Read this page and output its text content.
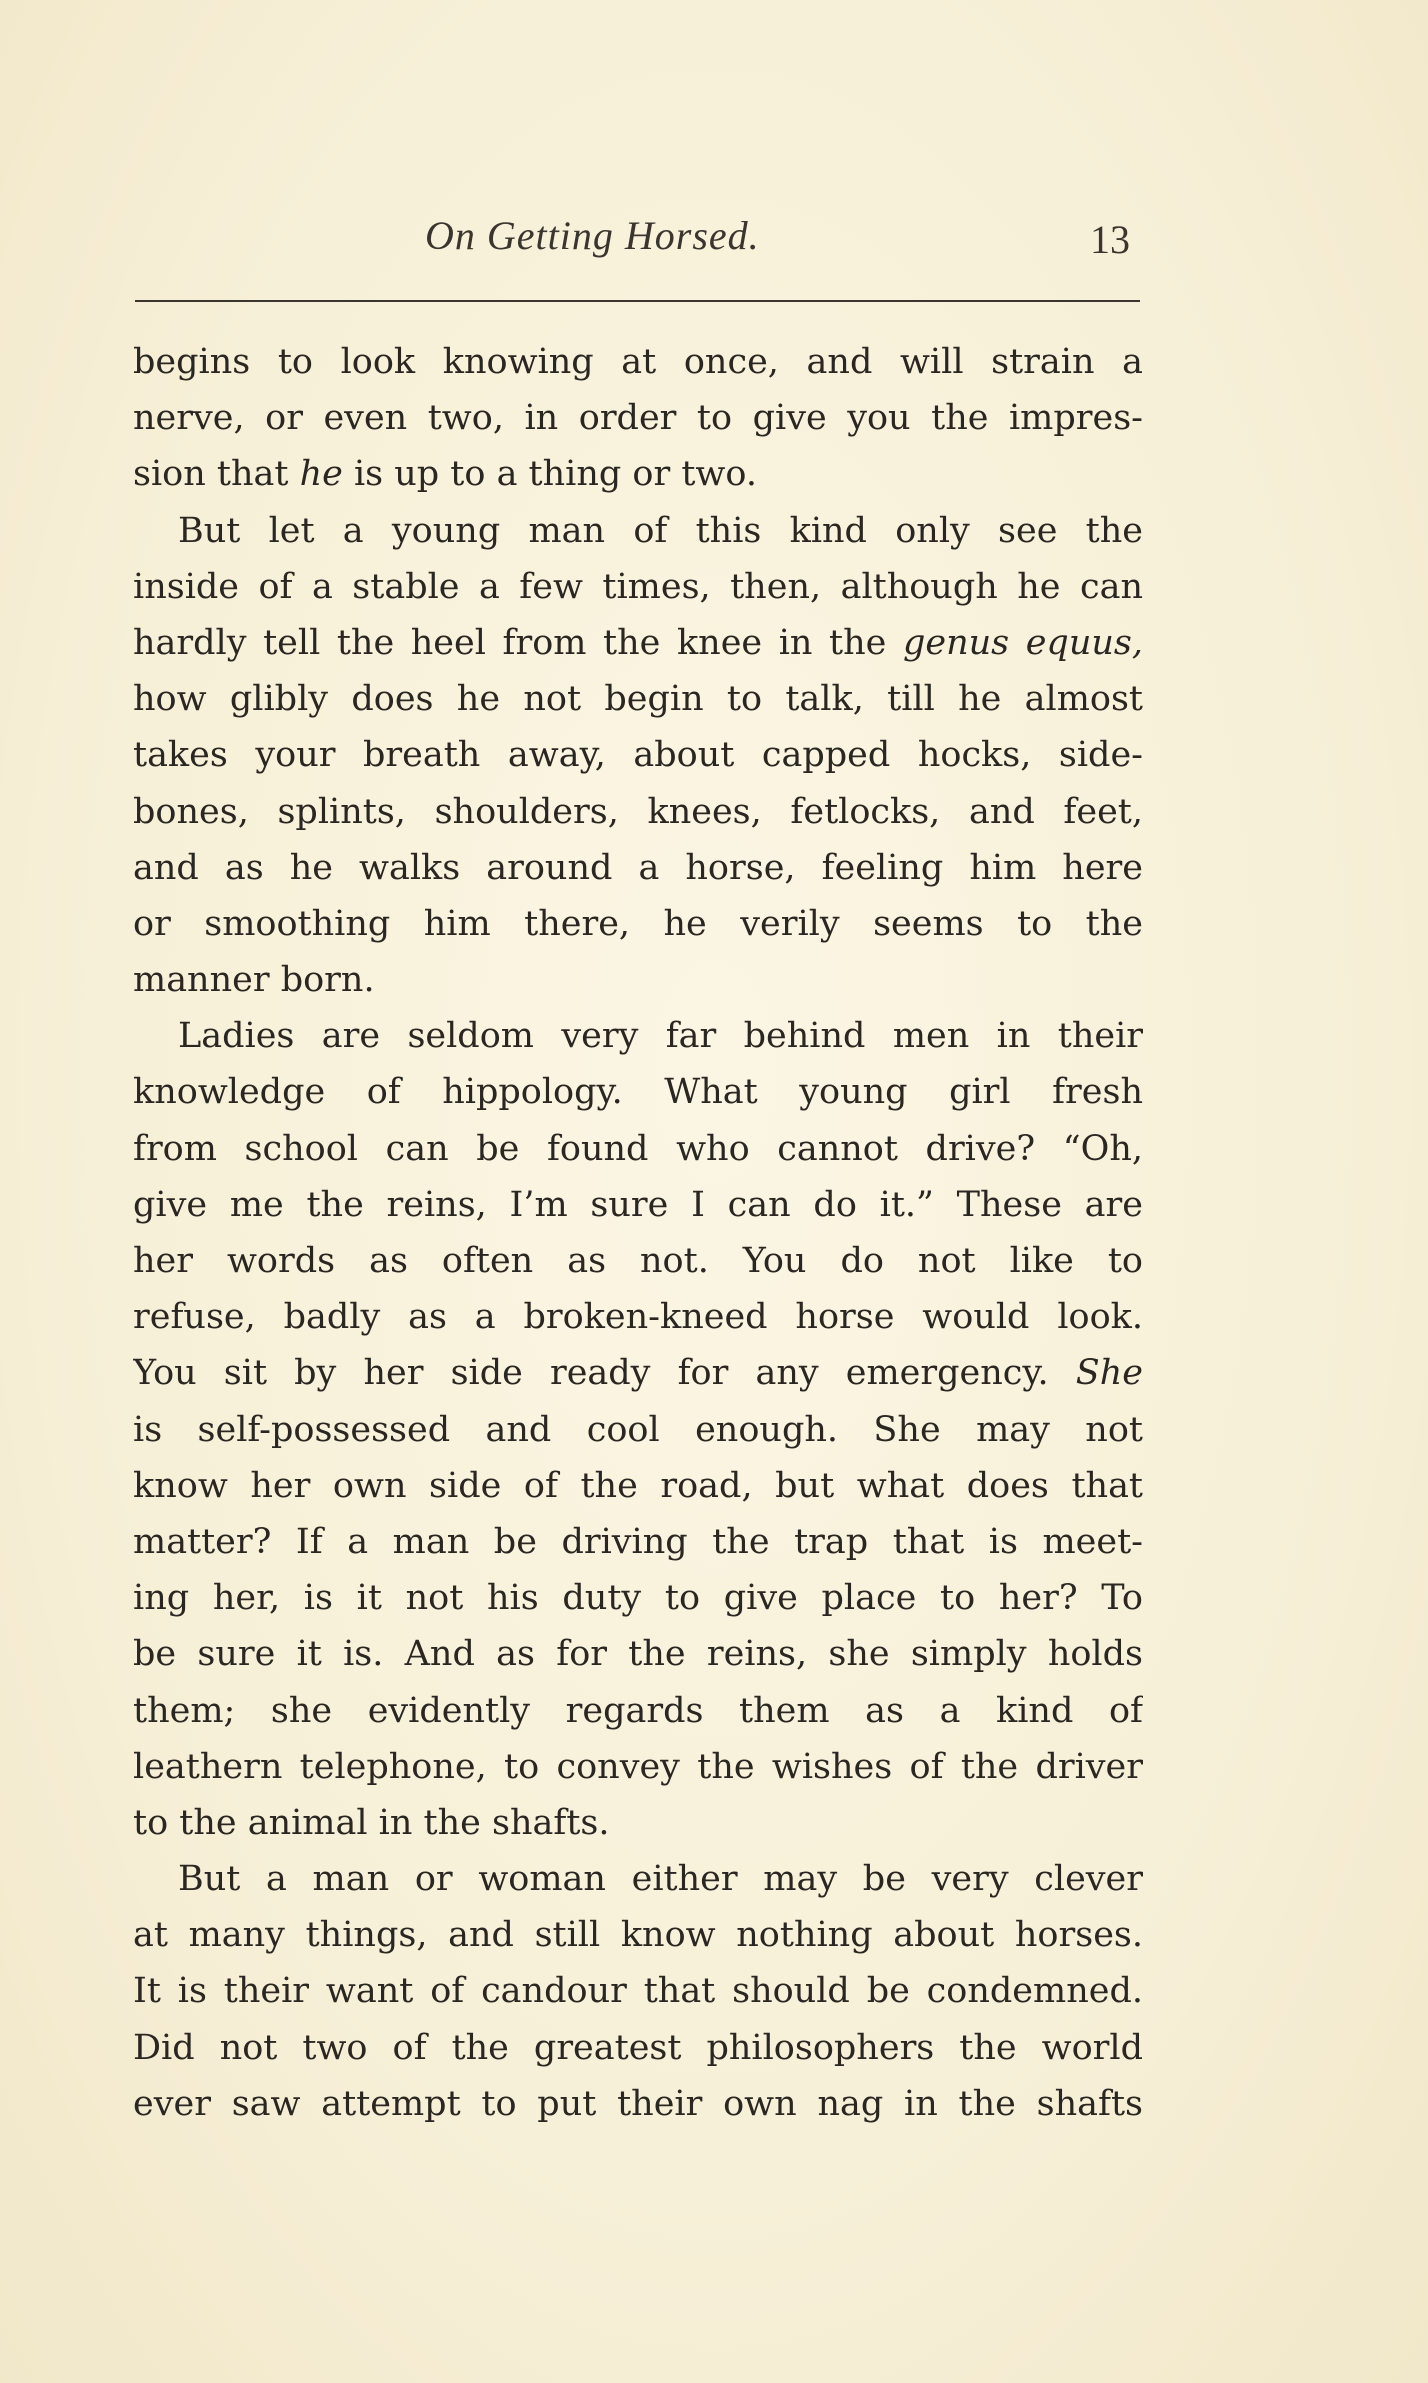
On Getting Horsed.	13
begins to look knowing at once, and will strain a
nerve, or even two, in order to give you the impres-
sion that he is up to a thing or two.
But let a young man of this kind only see the
inside of a stable a few times, then, although he can
hardly tell the heel from the knee in the genus equus,
how glibly does he not begin to talk, till he almost
takes your breath away, about capped hocks, side-
bones, splints, shoulders, knees, fetlocks, and feet,
and as he walks around a horse, feeling him here
or smoothing him there, he verily seems to the
manner born.
Ladies are seldom very far behind men in their
knowledge of hippology. What young girl fresh
from school can be found who cannot drive? “Oh,
give me the reins, I’m sure I can do it.” These are
her words as often as not. You do not like to
refuse, badly as a broken-kneed horse would look.
You sit by her side ready for any emergency. She
is self-possessed and cool enough. She may not
know her own side of the road, but what does that
matter? If a man be driving the trap that is meet-
ing her, is it not his duty to give place to her? To
be sure it is. And as for the reins, she simply holds
them; she evidently regards them as a kind of
leathern telephone, to convey the wishes of the driver
to the animal in the shafts.
But a man or woman either may be very clever
at many things, and still know nothing about horses.
It is their want of candour that should be condemned.
Did not two of the greatest philosophers the world
ever saw attempt to put their own nag in the shafts
